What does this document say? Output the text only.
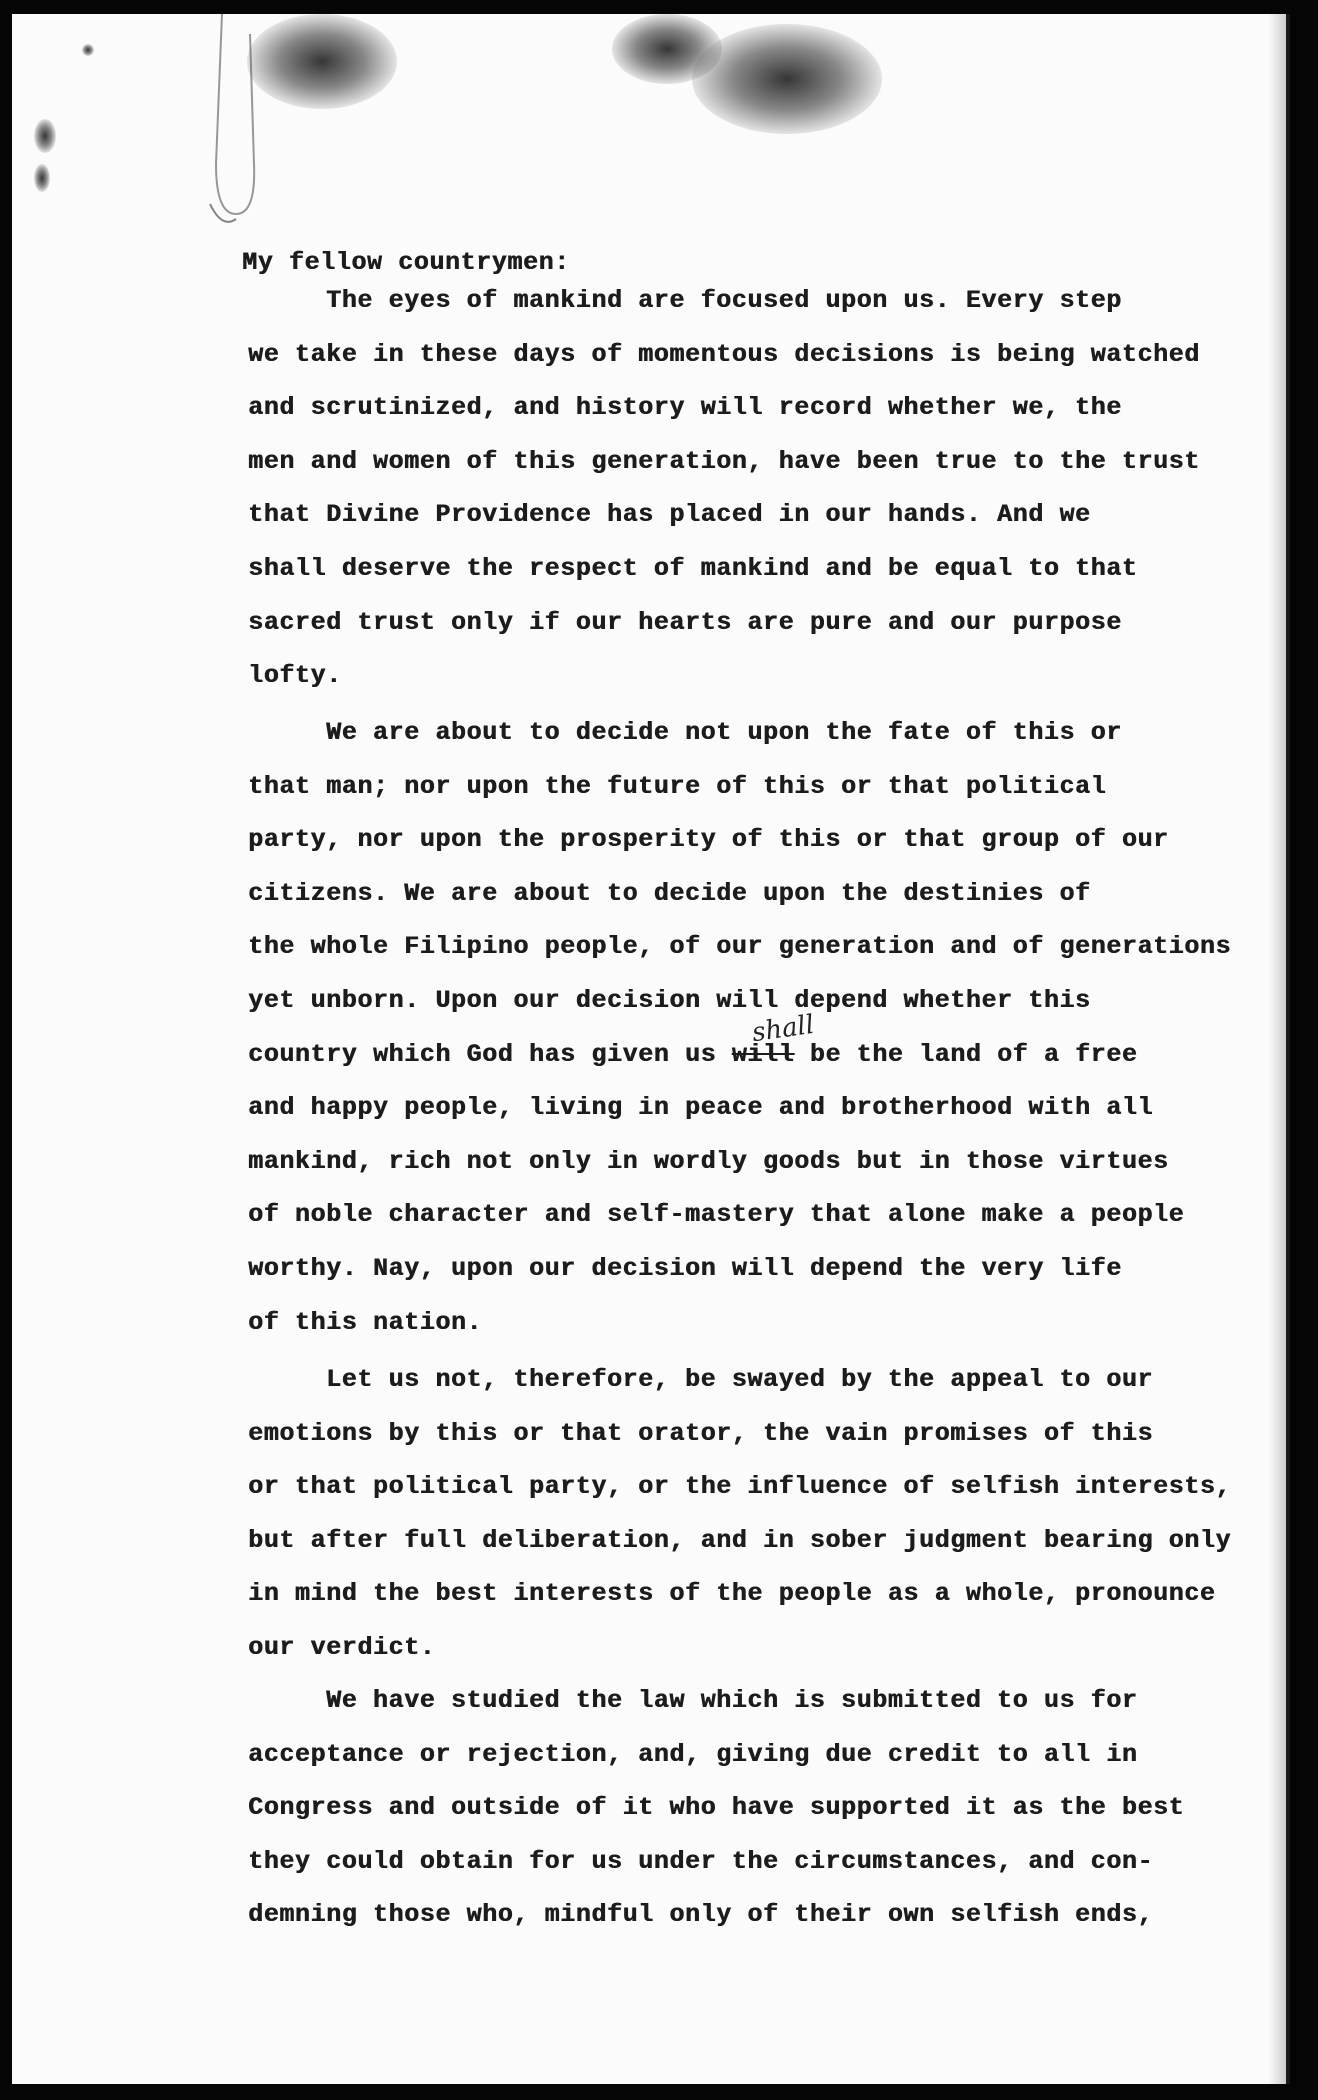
My fellow countrymen:
The eyes of mankind are focused upon us. Every step
we take in these days of momentous decisions is being watched
and scrutinized, and history will record whether we, the
men and women of this generation, have been true to the trust
that Divine Providence has placed in our hands. And we
shall deserve the respect of mankind and be equal to that
sacred trust only if our hearts are pure and our purpose
lofty.
We are about to decide not upon the fate of this or
that man; nor upon the future of this or that political
party, nor upon the prosperity of this or that group of our
citizens. We are about to decide upon the destinies of
the whole Filipino people, of our generation and of generations
yet unborn. Upon our decision will depend whether this
country which God has given us will be the land of a free
and happy people, living in peace and brotherhood with all
mankind, rich not only in wordly goods but in those virtues
of noble character and self-mastery that alone make a people
worthy. Nay, upon our decision will depend the very life
of this nation.
shall
Let us not, therefore, be swayed by the appeal to our
emotions by this or that orator, the vain promises of this
or that political party, or the influence of selfish interests,
but after full deliberation, and in sober judgment bearing only
in mind the best interests of the people as a whole, pronounce
our verdict.
We have studied the law which is submitted to us for
acceptance or rejection, and, giving due credit to all in
Congress and outside of it who have supported it as the best
they could obtain for us under the circumstances, and con-
demning those who, mindful only of their own selfish ends,
